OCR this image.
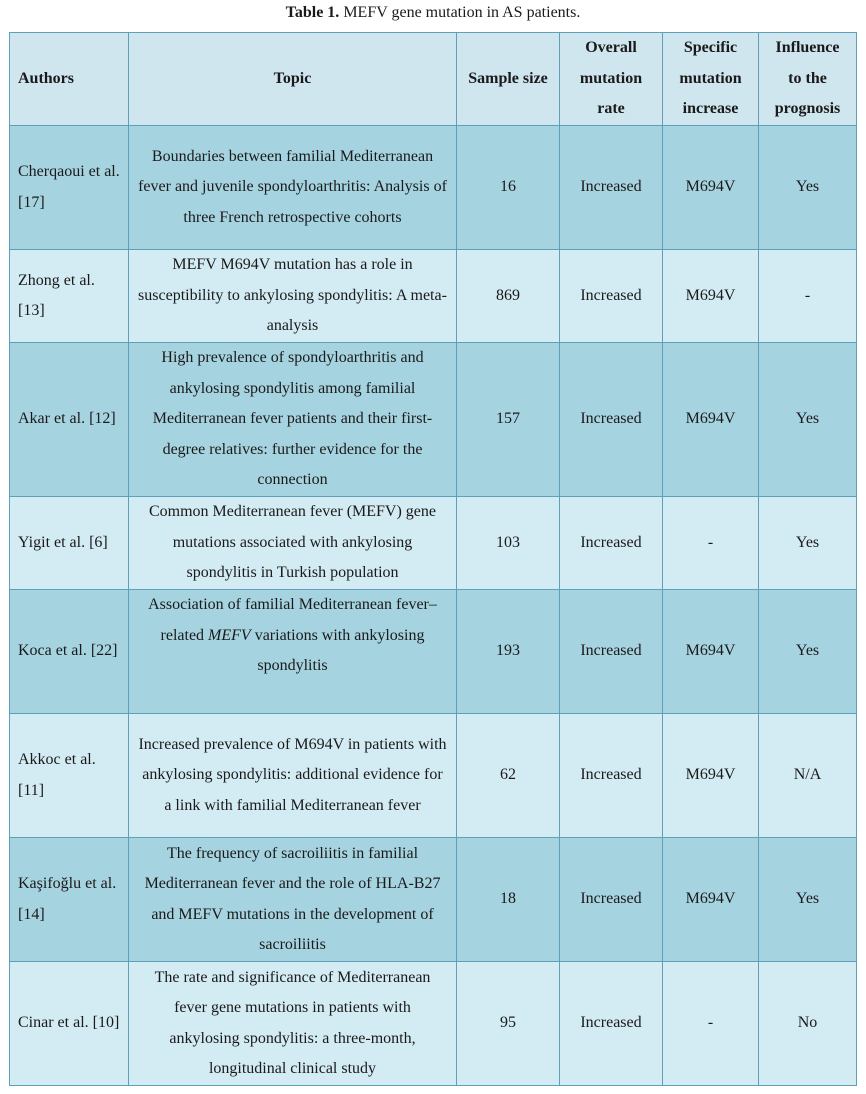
Table 1. MEFV gene mutation in AS patients.
Authors	Topic	Sample size	Overall mutation rate	Specific mutation increase	Influence to the prognosis
Cherqaoui et al. [17]	Boundaries between familial Mediterranean fever and juvenile spondyloarthritis: Analysis of three French retrospective cohorts	16	Increased	M694V	Yes
Zhong et al. [13]	MEFV M694V mutation has a role in susceptibility to ankylosing spondylitis: A meta-analysis	869	Increased	M694V	-
Akar et al. [12]	High prevalence of spondyloarthritis and ankylosing spondylitis among familial Mediterranean fever patients and their first-degree relatives: further evidence for the connection	157	Increased	M694V	Yes
Yigit et al. [6]	Common Mediterranean fever (MEFV) gene mutations associated with ankylosing spondylitis in Turkish population	103	Increased	-	Yes
Koca et al. [22]	Association of familial Mediterranean fever–related MEFV variations with ankylosing spondylitis	193	Increased	M694V	Yes
Akkoc et al. [11]	Increased prevalence of M694V in patients with ankylosing spondylitis: additional evidence for a link with familial Mediterranean fever	62	Increased	M694V	N/A
Kaşifoğlu et al. [14]	The frequency of sacroiliitis in familial Mediterranean fever and the role of HLA-B27 and MEFV mutations in the development of sacroiliitis	18	Increased	M694V	Yes
Cinar et al. [10]	The rate and significance of Mediterranean fever gene mutations in patients with ankylosing spondylitis: a three-month, longitudinal clinical study	95	Increased	-	No
